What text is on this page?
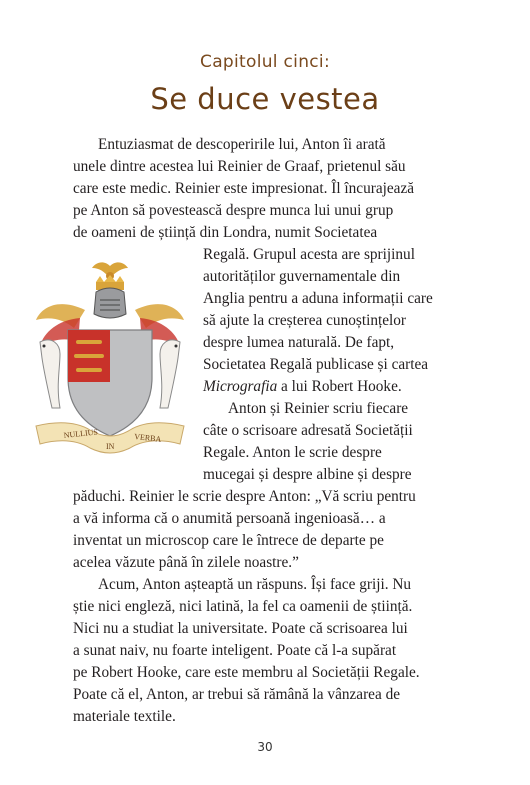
Capitolul cinci:
Se duce vestea
NULLIUS
IN
VERBA
Entuziasmat de descoperirile lui, Anton îi arată
unele dintre acestea lui Reinier de Graaf, prietenul său
care este medic. Reinier este impresionat. Îl încurajează
pe Anton să povestească despre munca lui unui grup
de oameni de știință din Londra, numit Societatea
Regală. Grupul acesta are sprijinul
autorităților guvernamentale din
Anglia pentru a aduna informații care
să ajute la creșterea cunoștințelor
despre lumea naturală. De fapt,
Societatea Regală publicase și cartea
Micrografia a lui Robert Hooke.
Anton și Reinier scriu fiecare
câte o scrisoare adresată Societății
Regale. Anton le scrie despre
mucegai și despre albine și despre
păduchi. Reinier le scrie despre Anton: „Vă scriu pentru
a vă informa că o anumită persoană ingenioasă… a
inventat un microscop care le întrece de departe pe
acelea văzute până în zilele noastre.”
Acum, Anton așteaptă un răspuns. Își face griji. Nu
știe nici engleză, nici latină, la fel ca oamenii de știință.
Nici nu a studiat la universitate. Poate că scrisoarea lui
a sunat naiv, nu foarte inteligent. Poate că l-a supărat
pe Robert Hooke, care este membru al Societății Regale.
Poate că el, Anton, ar trebui să rămână la vânzarea de
materiale textile.
30
